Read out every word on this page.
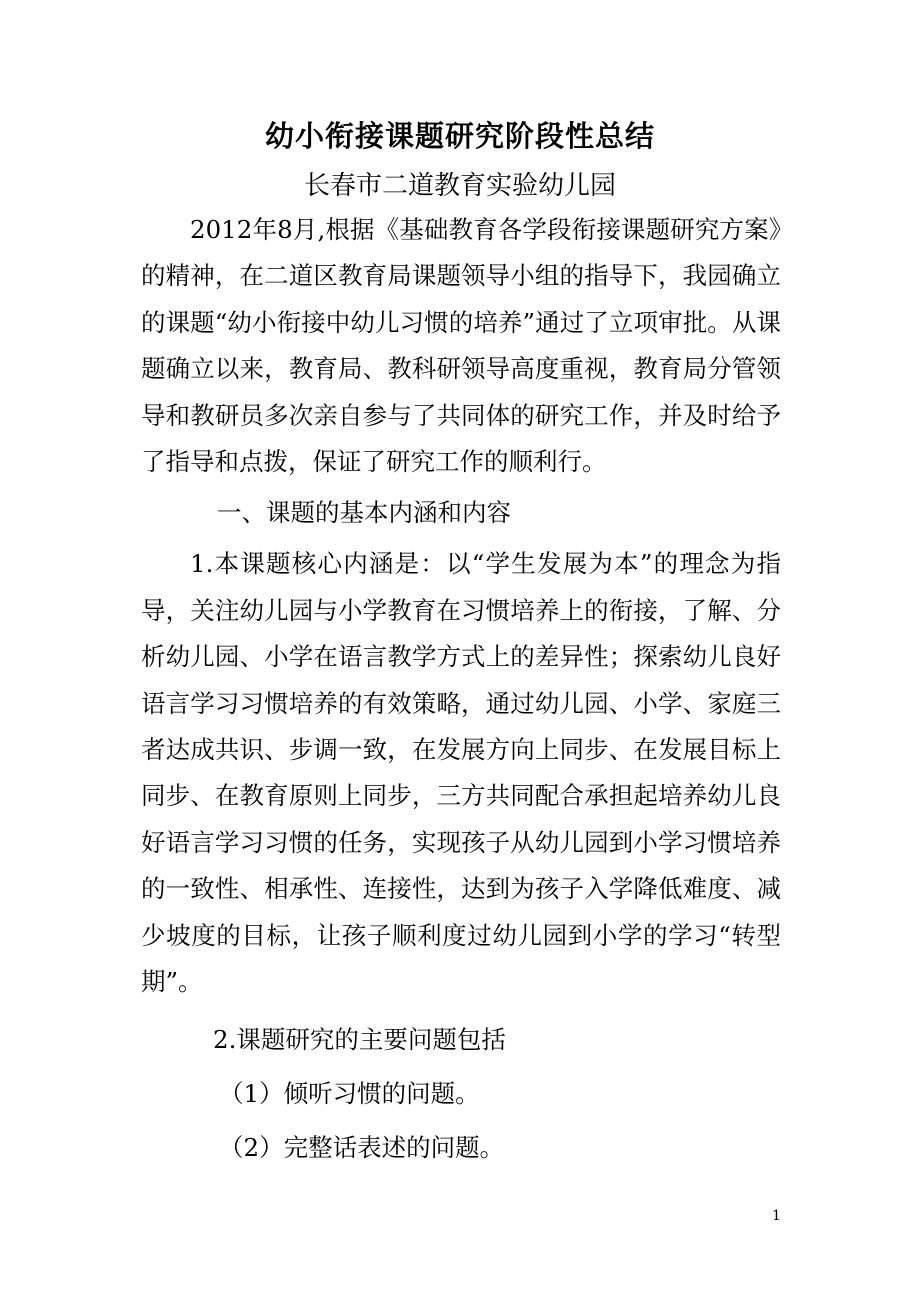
幼小衔接课题研究阶段性总结
长春市二道教育实验幼儿园

2012年8月,根据《基础教育各学段衔接课题研究方案》的精神，在二道区教育局课题领导小组的指导下，我园确立的课题“幼小衔接中幼儿习惯的培养”通过了立项审批。从课题确立以来，教育局、教科研领导高度重视，教育局分管领导和教研员多次亲自参与了共同体的研究工作，并及时给予了指导和点拨，保证了研究工作的顺利行。

一、课题的基本内涵和内容

1.本课题核心内涵是：以“学生发展为本”的理念为指导，关注幼儿园与小学教育在习惯培养上的衔接，了解、分析幼儿园、小学在语言教学方式上的差异性；探索幼儿良好语言学习习惯培养的有效策略，通过幼儿园、小学、家庭三者达成共识、步调一致，在发展方向上同步、在发展目标上同步、在教育原则上同步，三方共同配合承担起培养幼儿良好语言学习习惯的任务，实现孩子从幼儿园到小学习惯培养的一致性、相承性、连接性，达到为孩子入学降低难度、减少坡度的目标，让孩子顺利度过幼儿园到小学的学习“转型期”。

2.课题研究的主要问题包括

（1）倾听习惯的问题。

（2）完整话表述的问题。

1
